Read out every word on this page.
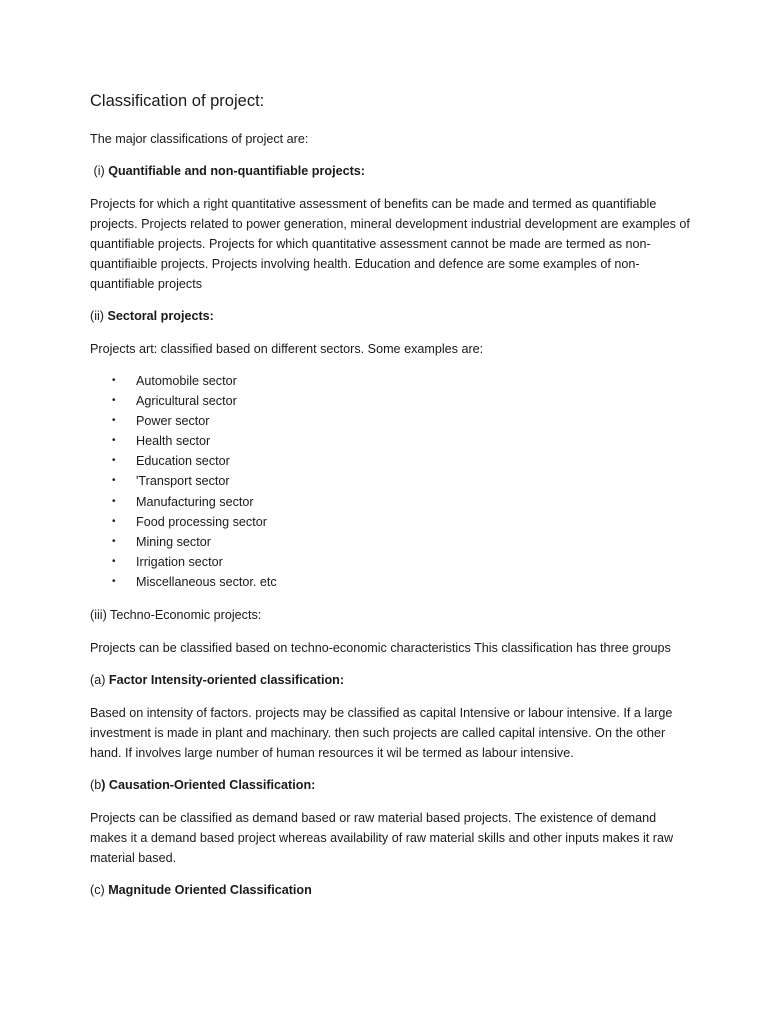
Classification of project:

The major classifications of project are:

(i) Quantifiable and non-quantifiable projects:

Projects for which a right quantitative assessment of benefits can be made and termed as quantifiable projects. Projects related to power generation, mineral development industrial development are examples of quantifiable projects. Projects for which quantitative assessment cannot be made are termed as non-quantifiaible projects. Projects involving health. Education and defence are some examples of non-quantifiable projects

(ii) Sectoral projects:

Projects art: classified based on different sectors. Some examples are:

• Automobile sector
• Agricultural sector
• Power sector
• Health sector
• Education sector
• 'Transport sector
• Manufacturing sector
• Food processing sector
• Mining sector
• Irrigation sector
• Miscellaneous sector. etc

(iii) Techno-Economic projects:

Projects can be classified based on techno-economic characteristics This classification has three groups

(a) Factor Intensity-oriented classification:

Based on intensity of factors. projects may be classified as capital Intensive or labour intensive. If a large investment is made in plant and machinary. then such projects are called capital intensive. On the other hand. If involves large number of human resources it wil be termed as labour intensive.

(b) Causation-Oriented Classification:

Projects can be classified as demand based or raw material based projects. The existence of demand makes it a demand based project whereas availability of raw material skills and other inputs makes it raw material based.

(c) Magnitude Oriented Classification
